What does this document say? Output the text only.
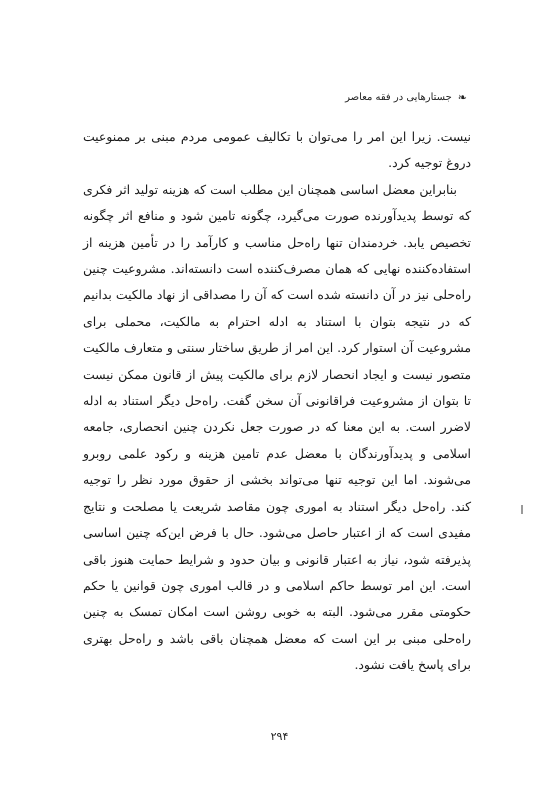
❧
جستارهایی در فقه معاصر

نیست. زیرا این امر را می‌توان با تکالیف عمومی مردم مبنی بر ممنوعیت دروغ توجیه کرد.

بنابراین معضل اساسی همچنان این مطلب است که هزینه تولید اثر فکری که توسط پدیدآورنده صورت می‌گیرد، چگونه تامین شود و منافع اثر چگونه تخصیص یابد. خردمندان تنها راه‌حل مناسب و کارآمد را در تأمین هزینه از استفاده‌کننده نهایی که همان مصرف‌کننده است دانسته‌اند. مشروعیت چنین راه‌حلی نیز در آن دانسته شده است که آن را مصداقی از نهاد مالکیت بدانیم که در نتیجه بتوان با استناد به ادله احترام به مالکیت، محملی برای مشروعیت آن استوار کرد. این امر از طریق ساختار سنتی و متعارف مالکیت متصور نیست و ایجاد انحصار لازم برای مالکیت پیش از قانون ممکن نیست تا بتوان از مشروعیت فراقانونی آن سخن گفت. راه‌حل دیگر استناد به ادله لاضرر است. به این معنا که در صورت جعل نکردن چنین انحصاری، جامعه اسلامی و پدیدآورندگان با معضل عدم تامین هزینه و رکود علمی روبرو می‌شوند. اما این توجیه تنها می‌تواند بخشی از حقوق مورد نظر را توجیه کند. راه‌حل دیگر استناد به اموری چون مقاصد شریعت یا مصلحت و نتایج مفیدی است که از اعتبار حاصل می‌شود. حال با فرض این‌که چنین اساسی پذیرفته شود، نیاز به اعتبار قانونی و بیان حدود و شرایط حمایت هنوز باقی است. این امر توسط حاکم اسلامی و در قالب اموری چون قوانین یا حکم حکومتی مقرر می‌شود. البته به خوبی روشن است امکان تمسک به چنین راه‌حلی مبنی بر این است که معضل همچنان باقی باشد و راه‌حل بهتری برای پاسخ یافت نشود.

۲۹۴
